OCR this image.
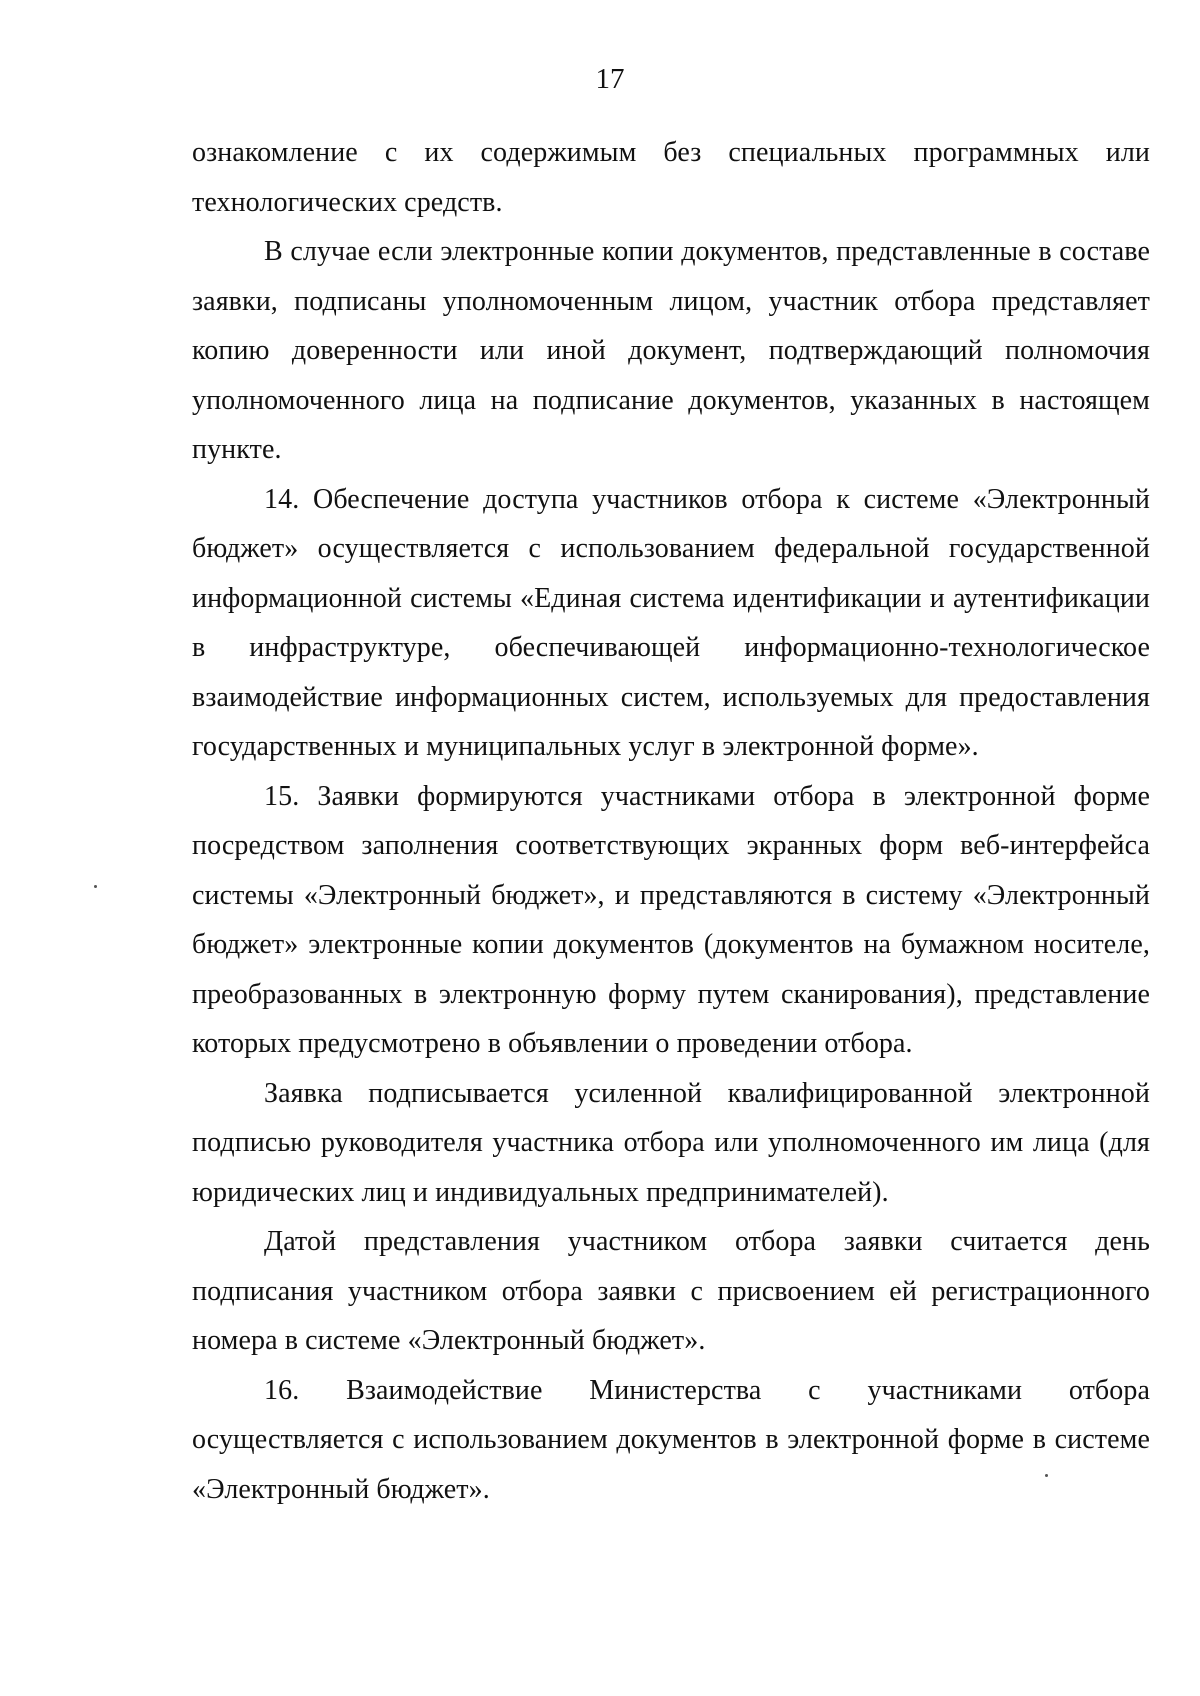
17

ознакомление с их содержимым без специальных программных или технологических средств.

В случае если электронные копии документов, представленные в составе заявки, подписаны уполномоченным лицом, участник отбора представляет копию доверенности или иной документ, подтверждающий полномочия уполномоченного лица на подписание документов, указанных в настоящем пункте.

14. Обеспечение доступа участников отбора к системе «Электронный бюджет» осуществляется с использованием федеральной государственной информационной системы «Единая система идентификации и аутентификации в инфраструктуре, обеспечивающей информационно-технологическое взаимодействие информационных систем, используемых для предоставления государственных и муниципальных услуг в электронной форме».

15. Заявки формируются участниками отбора в электронной форме посредством заполнения соответствующих экранных форм веб-интерфейса системы «Электронный бюджет», и представляются в систему «Электронный бюджет» электронные копии документов (документов на бумажном носителе, преобразованных в электронную форму путем сканирования), представление которых предусмотрено в объявлении о проведении отбора.

Заявка подписывается усиленной квалифицированной электронной подписью руководителя участника отбора или уполномоченного им лица (для юридических лиц и индивидуальных предпринимателей).

Датой представления участником отбора заявки считается день подписания участником отбора заявки с присвоением ей регистрационного номера в системе «Электронный бюджет».

16. Взаимодействие Министерства с участниками отбора осуществляется с использованием документов в электронной форме в системе «Электронный бюджет».
